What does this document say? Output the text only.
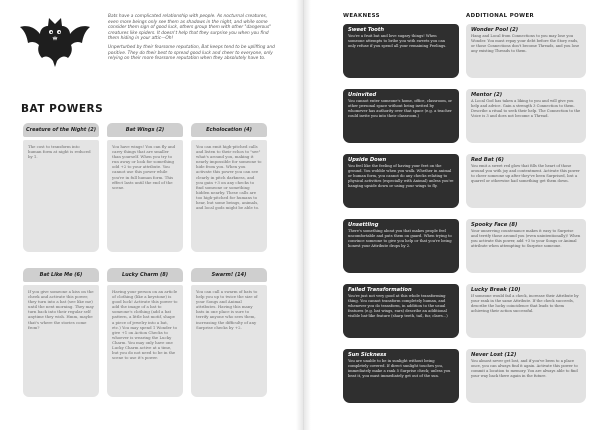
Bats have a complicated relationship with people. As nocturnal creatures, even more beings only see them as shadows in the night, and while some consider them sign of good luck, others group them with other "dangerous" creatures like spiders. It doesn't help that they surprise you when you find them hiding in your attic—Oh!

Unperturbed by their fearsome reputation, Bat keeps tend to be uplifting and positive. They do their best to spread good luck and cheer to everyone, only relying on their more fearsome reputation when they absolutely have to.

BAT POWERS
Creature of the Night (2)
The cost to transform into human form at night is reduced by 1.
Bat Wings (2)
You have wings! You can fly and carry things that are smaller than yourself. When you try to run away or look for something odd +2 to your attribute. You cannot use this power while you're in full human form. This effect lasts until the end of the scene.
Echolocation (4)
You can emit high-pitched calls and listen to their echos to "see" what's around you, making it nearly impossible for someone to hide from you. When you activate this power you can see clearly in pitch darkness, and you gain +3 on any checks to find someone or something hidden nearby. These calls are too high-pitched for humans to hear, but some beings, animals, and local gods might be able to.
Bat Like Me (6)
If you give someone a kiss on the cheek and activate this power, they turn into a bat (see like me) until the next morning. They may turn back into their regular self anytime they wish. Hmm, maybe that's where the stories come from?
Lucky Charm (8)
Having your person on an article of clothing (like a keystone) is good luck! Activate this power to add the image of a bat to someone's clothing (add a bat pattern, a little bat motif, shape a piece of jewelry into a bat, etc.) You may spend 1 Wonder to give +1 on Action Checks to whoever is wearing the Lucky Charm. You may only have one Lucky Charm active at a time, but you do not need to be in the scene to use it's power.
Swarm! (14)
You can call a swarm of bats to help you up to twice the size of your Songs and Animal attributes. Having this many bats in one place is sure to terrify anyone who sees them, increasing the difficulty of any Surprise checks by +2.
WEAKNESS	ADDITIONAL POWER
Sweet Tooth
You're a fruit bat and love sugary things! When someone attempts to bribe you with sweets you can only refuse if you spend all your remaining Feelings.
Uninvited
You cannot enter someone's home, office, classroom, or other personal space without being invited by whomever has authority over that space (e.g. a teacher could invite you into their classroom.)
Upside Down
You feel like the feeling of having your feet on the ground. You wobble when you walk. Whether in animal or human form, you cannot do any checks relating to physical activities (especially with Animal) unless you're hanging upside down or using your wings to fly.
Unsettling
There's something about you that makes people feel uncomfortable and puts them on guard. When trying to convince someone to give you help or that you're being honest your Attribute drops by 2.
Failed Transformation
You're just not very good at this whole transforming thing. You cannot transform completely human, and whenever you do transform, in addition to the usual features (e.g. bat wings, ears) describe an additional visible bat-like feature (sharp teeth, tail, fur, claws...)
Sun Sickness
You are unable to be in sunlight without being completely covered. If direct sunlight touches you, immediately make a rank 5 Surprise check; unless you beat it, you must immediately get out of the sun.
Wonder Pool (2)
Hang and Local from Connections to you may lose you Wonder. You must repay your debt before the Story ends, or those Connections don't become Threads, and you lose any existing Threads to them.
Mentor (2)
A Local God has taken a liking to you and will give you help and advice. Gain a strength 3 Connection to them. Describe a ritual to seek their help. The Connection to the Voice is 3 and does not become a Thread.
Red Bat (6)
You emit a sweet red glow that fills the heart of those around you with joy and contentment. Activate this power to cheer someone up after they've been Surprised, lost a quarrel or otherwise had something get them down.
Spooky Face (8)
Your unnerving countenance makes it easy to Surprise and terrify those around you (even unintentionally)! When you activate this power, add +3 to your Songs or Animal attribute when attempting to Surprise someone.
Lucky Break (10)
If someone would fail a check, increase their Attribute by your rank in the same Attribute. If the check succeeds, describe the lucky coincidence that leads to them achieving their action successful.
Never Lost (12)
You almost never get lost, and if you've been to a place once, you can always find it again. Activate this power to commit a location to memory. You are always able to find your way back there again in the future.
